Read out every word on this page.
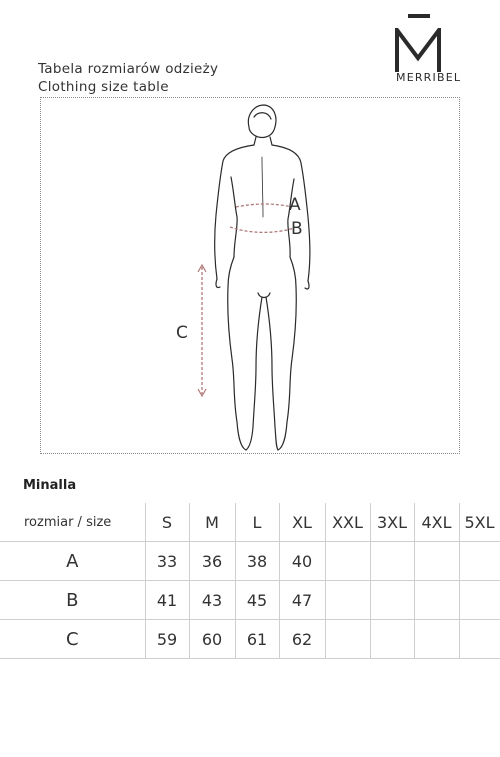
MERRIBEL
Tabela rozmiarów odzieży
Clothing size table
A
B
C
Minalla
rozmiar / size	S	M	L	XL	XXL	3XL	4XL	5XL
A	33	36	38	40				
B	41	43	45	47				
C	59	60	61	62				
